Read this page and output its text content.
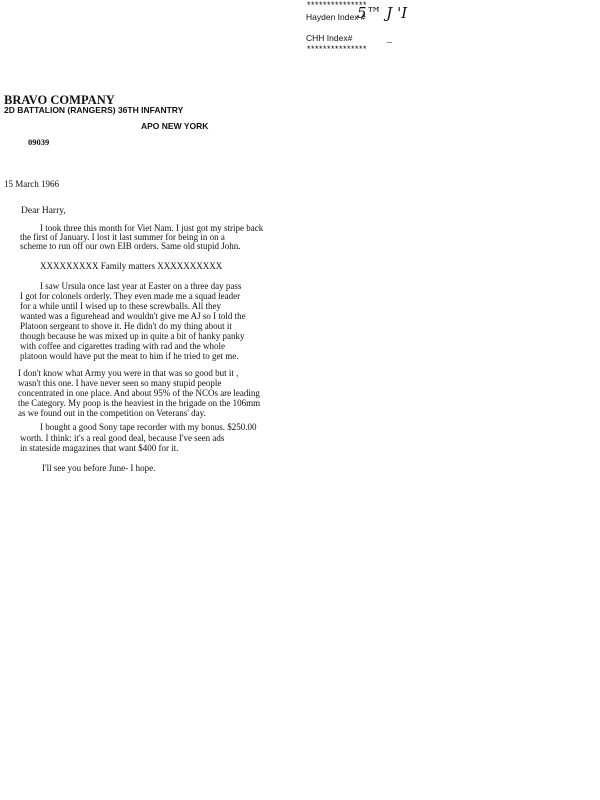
***************
Hayden Index #
5™ J 'I
CHH Index#	_
***************
BRAVO COMPANY
2D BATTALION (RANGERS) 36TH INFANTRY
APO NEW YORK
09039
15 March 1966
Dear Harry,
I took three this month for Viet Nam. I just got my stripe back
the first of January. I lost it last summer for being in on a
scheme to run off our own EIB orders. Same old stupid John.
XXXXXXXXX Family matters XXXXXXXXXX
I saw Ursula once last year at Easter on a three day pass
I got for colonels orderly. They even made me a squad leader
for a while until I wised up to these screwballs. All they
wanted was a figurehead and wouldn't give me AJ so I told the
Platoon sergeant to shove it. He didn't do my thing about it
though because he was mixed up in quite a bit of hanky panky
with coffee and cigarettes trading with rad and the whole
platoon would have put the meat to him if he tried to get me.
I don't know what Army you were in that was so good but it ,
wasn't this one. I have never seen so many stupid people
concentrated in one place. And about 95% of the NCOs are leading
the Category. My poop is the heaviest in the brigade on the 106mm
as we found out in the competition on Veterans' day.
I bought a good Sony tape recorder with my bonus. $250.00
worth. I think: it's a real good deal, because I've seen ads
in stateside magazines that want $400 for it.
I'll see you before June- I hope.
